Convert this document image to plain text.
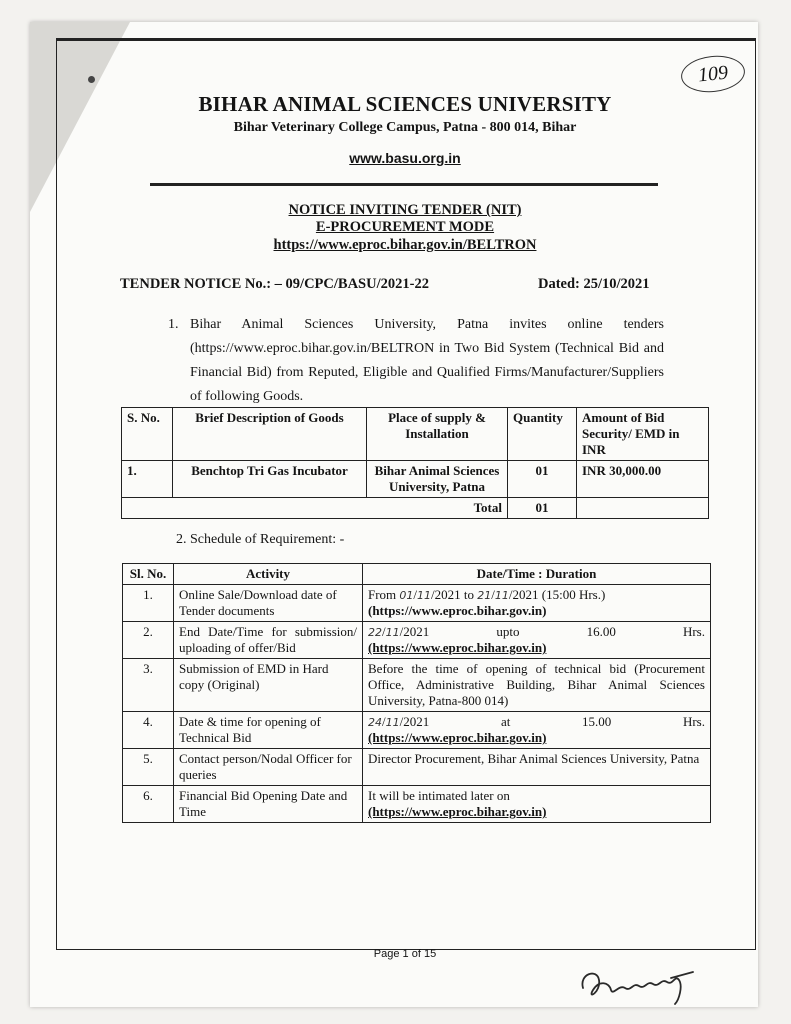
109
BIHAR ANIMAL SCIENCES UNIVERSITY
Bihar Veterinary College Campus, Patna - 800 014, Bihar
www.basu.org.in
NOTICE INVITING TENDER (NIT)
E-PROCUREMENT MODE
https://www.eproc.bihar.gov.in/BELTRON
TENDER NOTICE No.: – 09/CPC/BASU/2021-22	Dated: 25/10/2021
1. Bihar Animal Sciences University, Patna invites online tenders (https://www.eproc.bihar.gov.in/BELTRON in Two Bid System (Technical Bid and Financial Bid) from Reputed, Eligible and Qualified Firms/Manufacturer/Suppliers of following Goods.
S. No.	Brief Description of Goods	Place of supply & Installation	Quantity	Amount of Bid Security/ EMD in INR
1.	Benchtop Tri Gas Incubator	Bihar Animal Sciences University, Patna	01	INR 30,000.00
Total			01	
2. Schedule of Requirement: -
Sl. No.	Activity	Date/Time : Duration
1.	Online Sale/Download date of Tender documents	From 01/11/2021 to 21/11/2021 (15:00 Hrs.) (https://www.eproc.bihar.gov.in)
2.	End Date/Time for submission/ uploading of offer/Bid	22/11/2021 upto 16.00 Hrs.
(https://www.eproc.bihar.gov.in)

3.	Submission of EMD in Hard copy (Original)	Before the time of opening of technical bid (Procurement Office, Administrative Building, Bihar Animal Sciences University, Patna-800 014)
4.	Date & time for opening of Technical Bid	24/11/2021 at 15.00 Hrs.
(https://www.eproc.bihar.gov.in)

5.	Contact person/Nodal Officer for queries	Director Procurement, Bihar Animal Sciences University, Patna
6.	Financial Bid Opening Date and Time	It will be intimated later on
(https://www.eproc.bihar.gov.in)
Page 1 of 15
